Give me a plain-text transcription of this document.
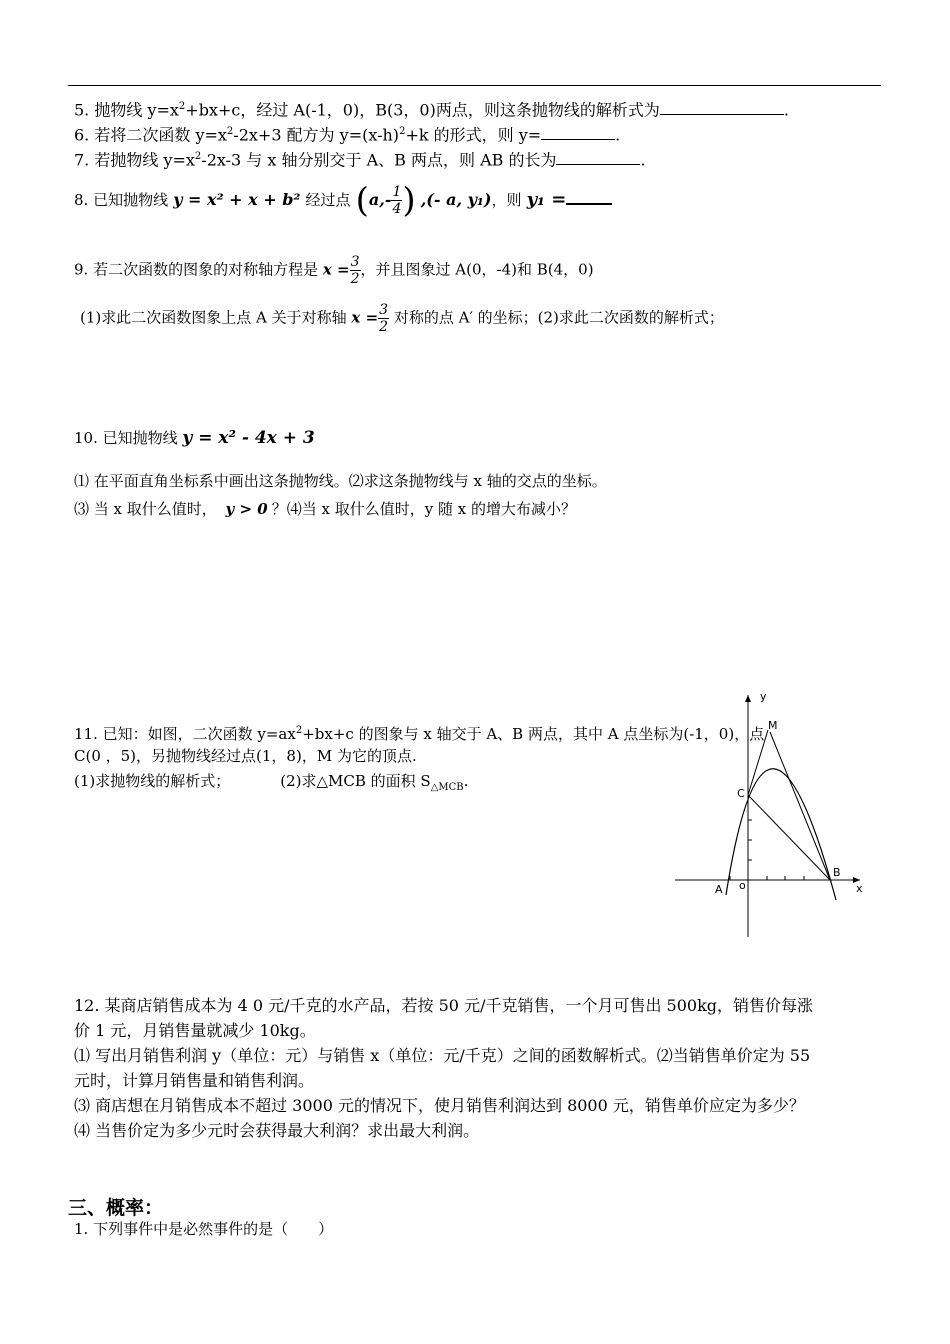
5. 抛物线 $y=x^2+bx+c$，经过 A(-1，0)，B(3，0)两点，则这条抛物线的解析式为	.
6. 若将二次函数 $y=x^2-2x+3$ 配方为 $y=(x-h)^2+k$ 的形式，则 y=	.
7. 若抛物线 $y=x^2-2x-3$ 与 x 轴分别交于 A、B 两点，则 AB 的长为	.
8. 已知抛物线 y = x² + x + b² 经过点 ($a,- \frac{1}{4}$ ) ,(- a, y₁)，则 y₁ =
9. 若二次函数的图象的对称轴方程是 $x = \frac{3}{2}$ ，并且图象过 A(0，-4)和 B(4，0)
(1)求此二次函数图象上点 A 关于对称轴 $x = \frac{3}{2}$ 对称的点 A′ 的坐标；(2)求此二次函数的解析式；
10. 已知抛物线 y = x² - 4x + 3
⑴ 在平面直角坐标系中画出这条抛物线。⑵求这条抛物线与 x 轴的交点的坐标。
⑶ 当 x 取什么值时， y > 0 ？⑷当 x 取什么值时，y 随 x 的增大布减小？
11. 已知：如图，二次函数 $y=ax^2+bx+c$ 的图象与 x 轴交于 A、B 两点，其中 A 点坐标为(-1，0)，点
C(0 ，5)，另抛物线经过点(1，8)，M 为它的顶点.
(1)求抛物线的解析式；	(2)求△MCB 的面积 $S_{\triangle MCB}$.
y
x
M
C
B
A o
12. 某商店销售成本为 4 0 元/千克的水产品，若按 50 元/千克销售，一个月可售出 500kg，销售价每涨
价 1 元，月销售量就减少 10kg。
⑴ 写出月销售利润 y（单位：元）与销售 x（单位：元/千克）之间的函数解析式。⑵当销售单价定为 55
元时，计算月销售量和销售利润。
⑶ 商店想在月销售成本不超过 3000 元的情况下，使月销售利润达到 8000 元，销售单价应定为多少？
⑷ 当售价定为多少元时会获得最大利润？求出最大利润。
三、概率：
1. 下列事件中是必然事件的是（　　）
